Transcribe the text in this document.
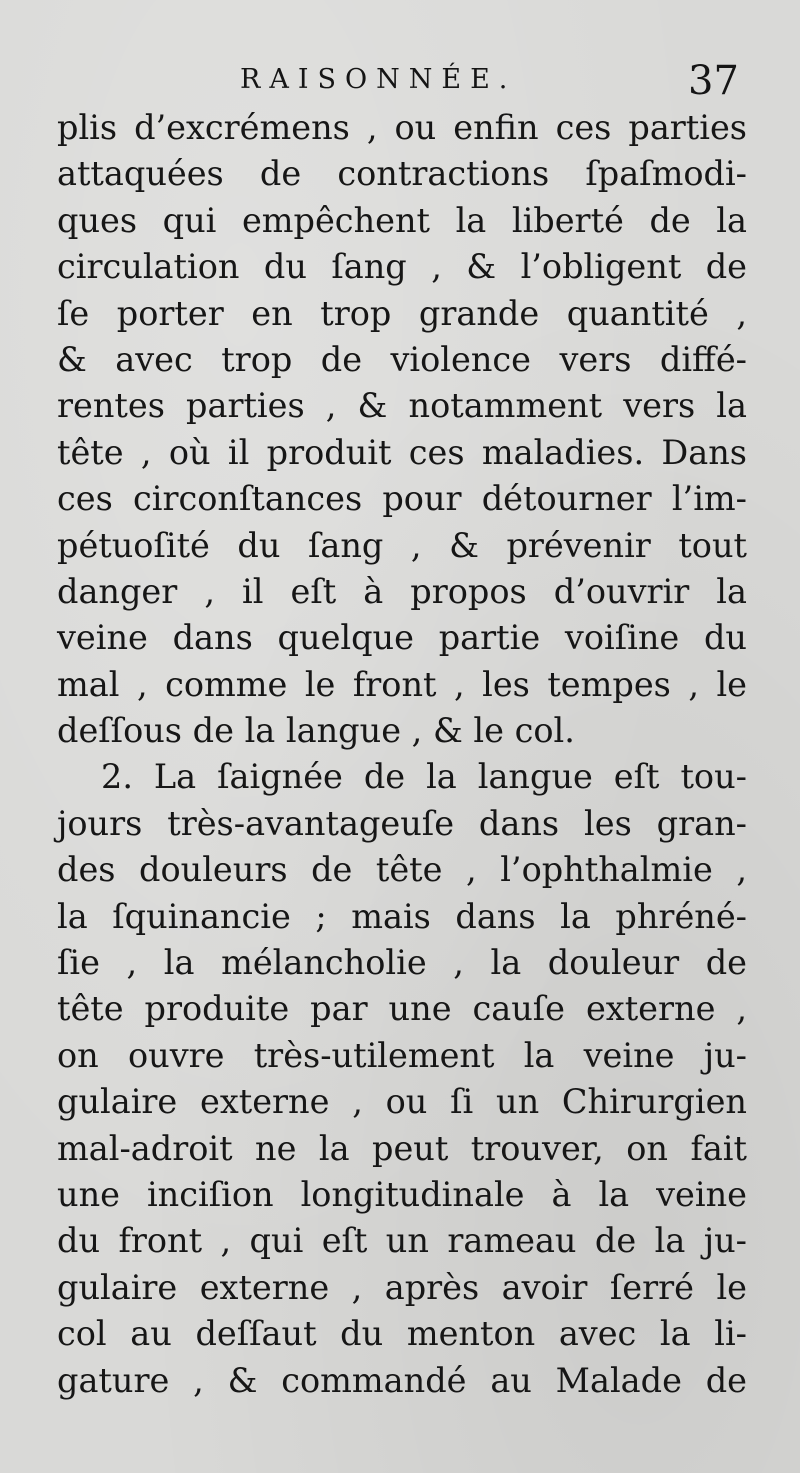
RAISONNÉE.	37
plis d’excrémens , ou enfin ces parties
attaquées de contractions ſpaſmodi-
ques qui empêchent la liberté de la
circulation du ſang , & l’obligent de
ſe porter en trop grande quantité ,
& avec trop de violence vers diffé-
rentes parties , & notamment vers la
tête , où il produit ces maladies. Dans
ces circonſtances pour détourner l’im-
pétuoſité du ſang , & prévenir tout
danger , il eſt à propos d’ouvrir la
veine dans quelque partie voiſine du
mal , comme le front , les tempes , le
deſſous de la langue , & le col.
2. La ſaignée de la langue eſt tou-
jours très-avantageuſe dans les gran-
des douleurs de tête , l’ophthalmie ,
la ſquinancie ; mais dans la phréné-
ſie , la mélancholie , la douleur de
tête produite par une cauſe externe ,
on ouvre très-utilement la veine ju-
gulaire externe , ou ſi un Chirurgien
mal-adroit ne la peut trouver, on fait
une inciſion longitudinale à la veine
du front , qui eſt un rameau de la ju-
gulaire externe , après avoir ſerré le
col au deſſaut du menton avec la li-
gature , & commandé au Malade de
